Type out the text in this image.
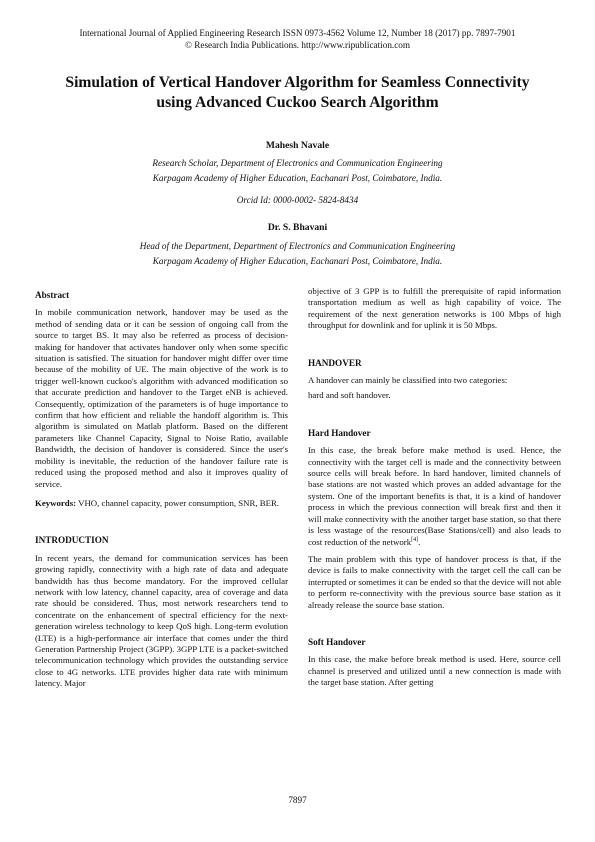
International Journal of Applied Engineering Research ISSN 0973-4562 Volume 12, Number 18 (2017) pp. 7897-7901
© Research India Publications. http://www.ripublication.com
Simulation of Vertical Handover Algorithm for Seamless Connectivity
using Advanced Cuckoo Search Algorithm
Mahesh Navale
Research Scholar, Department of Electronics and Communication Engineering
Karpagam Academy of Higher Education, Eachanari Post, Coimbatore, India.
Orcid Id: 0000-0002- 5824-8434
Dr. S. Bhavani
Head of the Department, Department of Electronics and Communication Engineering
Karpagam Academy of Higher Education, Eachanari Post, Coimbatore, India.

Abstract

In mobile communication network, handover may be used as the method of sending data or it can be session of ongoing call from the source to target BS. It may also be referred as process of decision-making for handover that activates handover only when some specific situation is satisfied. The situation for handover might differ over time because of the mobility of UE. The main objective of the work is to trigger well-known cuckoo's algorithm with advanced modification so that accurate prediction and handover to the Target eNB is achieved. Consequently, optimization of the parameters is of huge importance to confirm that how efficient and reliable the handoff algorithm is. This algorithm is simulated on Matlab platform. Based on the different parameters like Channel Capacity, Signal to Noise Ratio, available Bandwidth, the decision of handover is considered. Since the user's mobility is inevitable, the reduction of the handover failure rate is reduced using the proposed method and also it improves quality of service.

Keywords: VHO, channel capacity, power consumption, SNR, BER.

INTRODUCTION

In recent years, the demand for communication services has been growing rapidly, connectivity with a high rate of data and adequate bandwidth has thus become mandatory. For the improved cellular network with low latency, channel capacity, area of coverage and data rate should be considered. Thus, most network researchers tend to concentrate on the enhancement of spectral efficiency for the next-generation wireless technology to keep QoS high. Long-term evolution (LTE) is a high-performance air interface that comes under the third Generation Partnership Project (3GPP). 3GPP LTE is a packet-switched telecommunication technology which provides the outstanding service close to 4G networks. LTE provides higher data rate with minimum latency. Major

objective of 3 GPP is to fulfill the prerequisite of rapid information transportation medium as well as high capability of voice. The requirement of the next generation networks is 100 Mbps of high throughput for downlink and for uplink it is 50 Mbps.

HANDOVER

A handover can mainly be classified into two categories:

hard and soft handover.

Hard Handover

In this case, the break before make method is used. Hence, the connectivity with the target cell is made and the connectivity between source cells will break before. In hard handover, limited channels of base stations are not wasted which proves an added advantage for the system. One of the important benefits is that, it is a kind of handover process in which the previous connection will break first and then it will make connectivity with the another target base station, so that there is less wastage of the resources(Base Stations/cell) and also leads to cost reduction of the network[4].

The main problem with this type of handover process is that, if the device is fails to make connectivity with the target cell the call can be interrupted or sometimes it can be ended so that the device will not able to perform re-connectivity with the previous source base station as it already release the source base station.

Soft Handover

In this case, the make before break method is used. Here, source cell channel is preserved and utilized until a new connection is made with the target base station. After getting

7897
